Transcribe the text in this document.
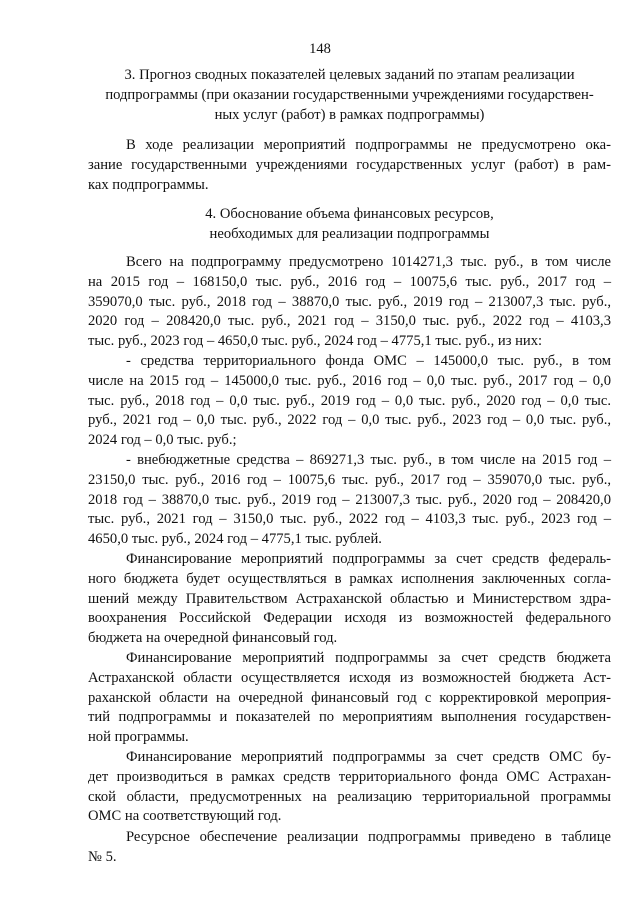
148
3. Прогноз сводных показателей целевых заданий по этапам реализации
подпрограммы (при оказании государственными учреждениями государствен-
ных услуг (работ) в рамках подпрограммы)
В ходе реализации мероприятий подпрограммы не предусмотрено ока-
зание государственными учреждениями государственных услуг (работ) в рам-
ках подпрограммы.
4. Обоснование объема финансовых ресурсов,
необходимых для реализации подпрограммы
Всего на подпрограмму предусмотрено 1014271,3 тыс. руб., в том числе
на 2015 год – 168150,0 тыс. руб., 2016 год – 10075,6 тыс. руб., 2017 год –
359070,0 тыс. руб., 2018 год – 38870,0 тыс. руб., 2019 год – 213007,3 тыс. руб.,
2020 год – 208420,0 тыс. руб., 2021 год – 3150,0 тыс. руб., 2022 год – 4103,3
тыс. руб., 2023 год – 4650,0 тыс. руб., 2024 год – 4775,1 тыс. руб., из них:
- средства территориального фонда ОМС – 145000,0 тыс. руб., в том
числе на 2015 год – 145000,0 тыс. руб., 2016 год – 0,0 тыс. руб., 2017 год – 0,0
тыс. руб., 2018 год – 0,0 тыс. руб., 2019 год – 0,0 тыс. руб., 2020 год – 0,0 тыс.
руб., 2021 год – 0,0 тыс. руб., 2022 год – 0,0 тыс. руб., 2023 год – 0,0 тыс. руб.,
2024 год – 0,0 тыс. руб.;
- внебюджетные средства – 869271,3 тыс. руб., в том числе на 2015 год –
23150,0 тыс. руб., 2016 год – 10075,6 тыс. руб., 2017 год – 359070,0 тыс. руб.,
2018 год – 38870,0 тыс. руб., 2019 год – 213007,3 тыс. руб., 2020 год – 208420,0
тыс. руб., 2021 год – 3150,0 тыс. руб., 2022 год – 4103,3 тыс. руб., 2023 год –
4650,0 тыс. руб., 2024 год – 4775,1 тыс. рублей.
Финансирование мероприятий подпрограммы за счет средств федераль-
ного бюджета будет осуществляться в рамках исполнения заключенных согла-
шений между Правительством Астраханской областью и Министерством здра-
воохранения Российской Федерации исходя из возможностей федерального
бюджета на очередной финансовый год.
Финансирование мероприятий подпрограммы за счет средств бюджета
Астраханской области осуществляется исходя из возможностей бюджета Аст-
раханской области на очередной финансовый год с корректировкой мероприя-
тий подпрограммы и показателей по мероприятиям выполнения государствен-
ной программы.
Финансирование мероприятий подпрограммы за счет средств ОМС бу-
дет производиться в рамках средств территориального фонда ОМС Астрахан-
ской области, предусмотренных на реализацию территориальной программы
ОМС на соответствующий год.
Ресурсное обеспечение реализации подпрограммы приведено в таблице
№ 5.
